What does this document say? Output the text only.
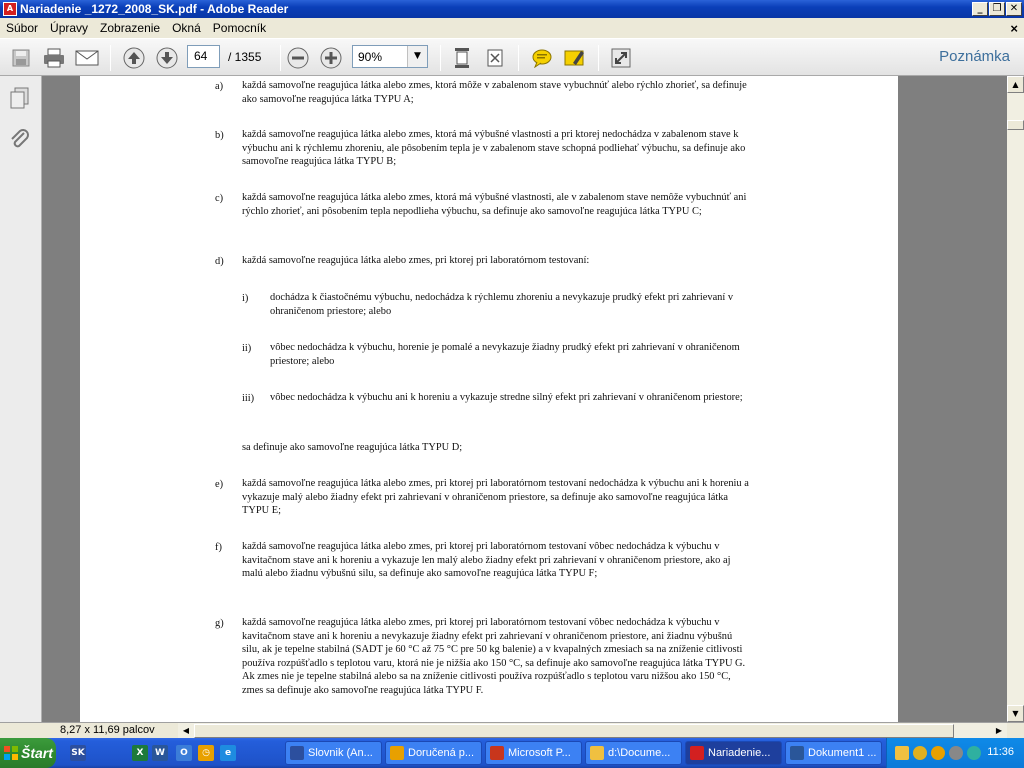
A Nariadenie _1272_2008_SK.pdf - Adobe Reader	_	❐ ✕
Súbor	Úpravy	Zobrazenie	Okná	Pomocník	×
64	/ 1355	90%	▼	Poznámka
a) každá samovoľne reagujúca látka alebo zmes, ktorá môže v zabalenom stave vybuchnúť alebo rýchlo zhorieť, sa definuje ako samovoľne reagujúca látka TYPU A;
b) každá samovoľne reagujúca látka alebo zmes, ktorá má výbušné vlastnosti a pri ktorej nedochádza v zabalenom stave k výbuchu ani k rýchlemu zhoreniu, ale pôsobením tepla je v zabalenom stave schopná podliehať výbuchu, sa definuje ako samovoľne reagujúca látka TYPU B;
c) každá samovoľne reagujúca látka alebo zmes, ktorá má výbušné vlastnosti, ale v zabalenom stave nemôže vybuchnúť ani rýchlo zhorieť, ani pôsobením tepla nepodlieha výbuchu, sa definuje ako samovoľne reagujúca látka TYPU C;
d) každá samovoľne reagujúca látka alebo zmes, pri ktorej pri laboratórnom testovaní:
i) dochádza k čiastočnému výbuchu, nedochádza k rýchlemu zhoreniu a nevykazuje prudký efekt pri zahrievaní v ohraničenom priestore; alebo
ii) vôbec nedochádza k výbuchu, horenie je pomalé a nevykazuje žiadny prudký efekt pri zahrievaní v ohraničenom priestore; alebo
iii) vôbec nedochádza k výbuchu ani k horeniu a vykazuje stredne silný efekt pri zahrievaní v ohraničenom priestore;
sa definuje ako samovoľne reagujúca látka TYPU D;
e) každá samovoľne reagujúca látka alebo zmes, pri ktorej pri laboratórnom testovaní nedochádza k výbuchu ani k horeniu a vykazuje malý alebo žiadny efekt pri zahrievaní v ohraničenom priestore, sa definuje ako samovoľne reagujúca látka TYPU E;
f) každá samovoľne reagujúca látka alebo zmes, pri ktorej pri laboratórnom testovaní vôbec nedochádza k výbuchu v kavitačnom stave ani k horeniu a vykazuje len malý alebo žiadny efekt pri zahrievaní v ohraničenom priestore, ako aj malú alebo žiadnu výbušnú silu, sa definuje ako samovoľne reagujúca látka TYPU F;
g) každá samovoľne reagujúca látka alebo zmes, pri ktorej pri laboratórnom testovaní vôbec nedochádza k výbuchu v kavitačnom stave ani k horeniu a nevykazuje žiadny efekt pri zahrievaní v ohraničenom priestore, ani žiadnu výbušnú silu, ak je tepelne stabilná (SADT je 60 °C až 75 °C pre 50 kg balenie) a v kvapalných zmesiach sa na zníženie citlivosti používa rozpúšťadlo s teplotou varu, ktorá nie je nižšia ako 150 °C, sa definuje ako samovoľne reagujúca látka TYPU G. Ak zmes nie je tepelne stabilná alebo sa na zníženie citlivosti používa rozpúšťadlo s teplotou varu nižšou ako 150 °C, zmes sa definuje ako samovoľne reagujúca látka TYPU F.
▲
▼
8,27 x 11,69 palcov	◀	▶
Štart	SK	X	W	O	◷	e	Slovnik (An...	Doručená p...	Microsoft P...	d:\Docume...	Nariadenie...	Dokument1 ...	11:36
